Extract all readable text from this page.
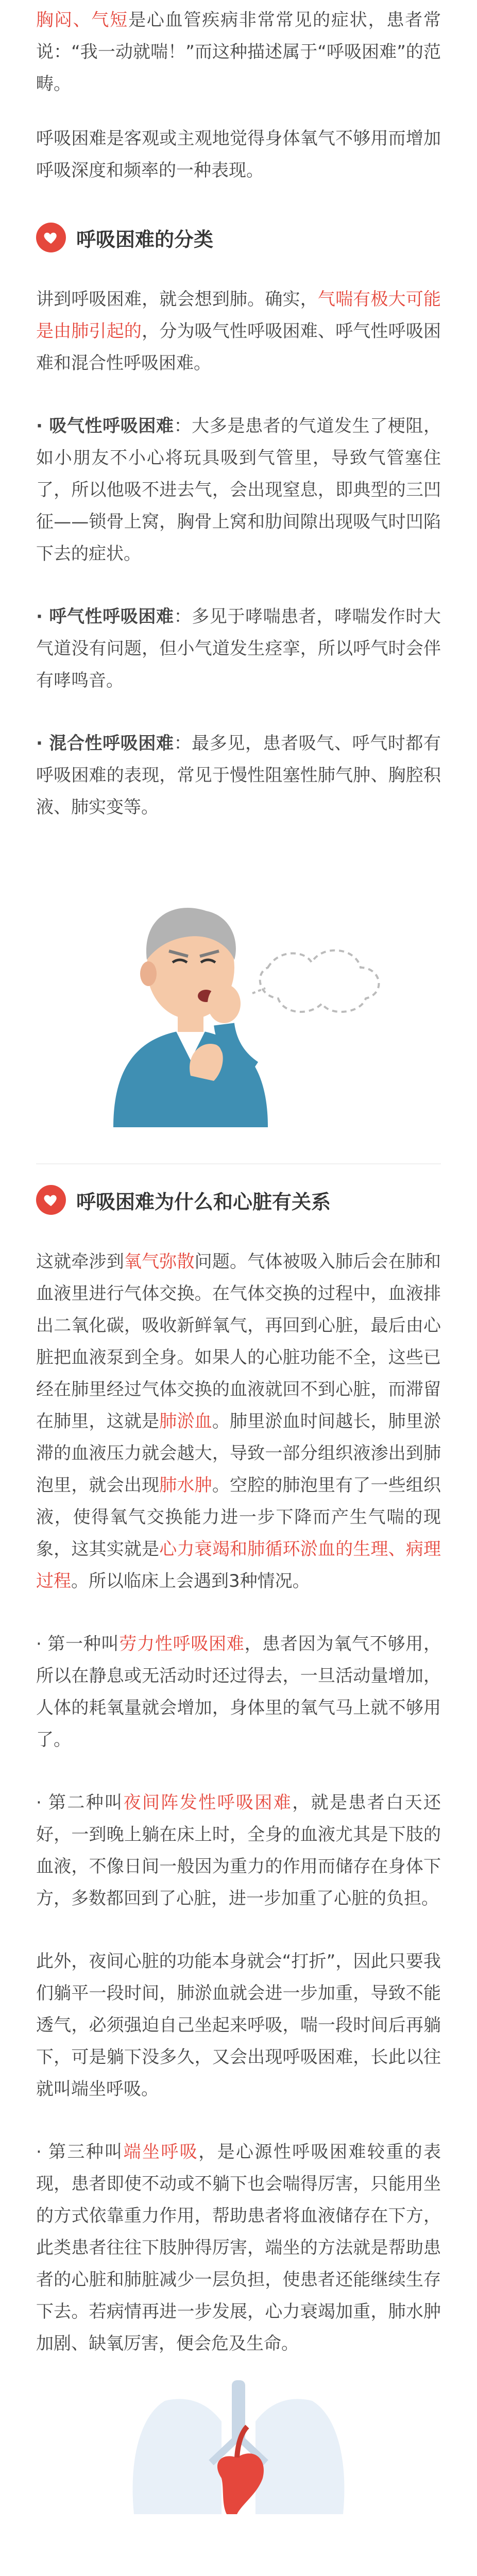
胸闷、气短是心血管疾病非常常见的症状，患者常说：“我一动就喘！”而这种描述属于“呼吸困难”的范畴。

呼吸困难是客观或主观地觉得身体氧气不够用而增加呼吸深度和频率的一种表现。

呼吸困难的分类

讲到呼吸困难，就会想到肺。确实，气喘有极大可能是由肺引起的，分为吸气性呼吸困难、呼气性呼吸困难和混合性呼吸困难。

· 吸气性呼吸困难：大多是患者的气道发生了梗阻，如小朋友不小心将玩具吸到气管里，导致气管塞住了，所以他吸不进去气，会出现窒息，即典型的三凹征——锁骨上窝，胸骨上窝和肋间隙出现吸气时凹陷下去的症状。

· 呼气性呼吸困难：多见于哮喘患者，哮喘发作时大气道没有问题，但小气道发生痉挛，所以呼气时会伴有哮鸣音。

· 混合性呼吸困难：最多见，患者吸气、呼气时都有呼吸困难的表现，常见于慢性阻塞性肺气肿、胸腔积液、肺实变等。

呼吸困难为什么和心脏有关系

这就牵涉到氧气弥散问题。气体被吸入肺后会在肺和血液里进行气体交换。在气体交换的过程中，血液排出二氧化碳，吸收新鲜氧气，再回到心脏，最后由心脏把血液泵到全身。如果人的心脏功能不全，这些已经在肺里经过气体交换的血液就回不到心脏，而滞留在肺里，这就是肺淤血。肺里淤血时间越长，肺里淤滞的血液压力就会越大，导致一部分组织液渗出到肺泡里，就会出现肺水肿。空腔的肺泡里有了一些组织液，使得氧气交换能力进一步下降而产生气喘的现象，这其实就是心力衰竭和肺循环淤血的生理、病理过程。所以临床上会遇到3种情况。

· 第一种叫劳力性呼吸困难，患者因为氧气不够用，所以在静息或无活动时还过得去，一旦活动量增加，人体的耗氧量就会增加，身体里的氧气马上就不够用了。

· 第二种叫夜间阵发性呼吸困难，就是患者白天还好，一到晚上躺在床上时，全身的血液尤其是下肢的血液，不像日间一般因为重力的作用而储存在身体下方，多数都回到了心脏，进一步加重了心脏的负担。

此外，夜间心脏的功能本身就会“打折”，因此只要我们躺平一段时间，肺淤血就会进一步加重，导致不能透气，必须强迫自己坐起来呼吸，喘一段时间后再躺下，可是躺下没多久，又会出现呼吸困难，长此以往就叫端坐呼吸。

· 第三种叫端坐呼吸，是心源性呼吸困难较重的表现，患者即使不动或不躺下也会喘得厉害，只能用坐的方式依靠重力作用，帮助患者将血液储存在下方，此类患者往往下肢肿得厉害，端坐的方法就是帮助患者的心脏和肺脏减少一层负担，使患者还能继续生存下去。若病情再进一步发展，心力衰竭加重，肺水肿加剧、缺氧厉害，便会危及生命。
